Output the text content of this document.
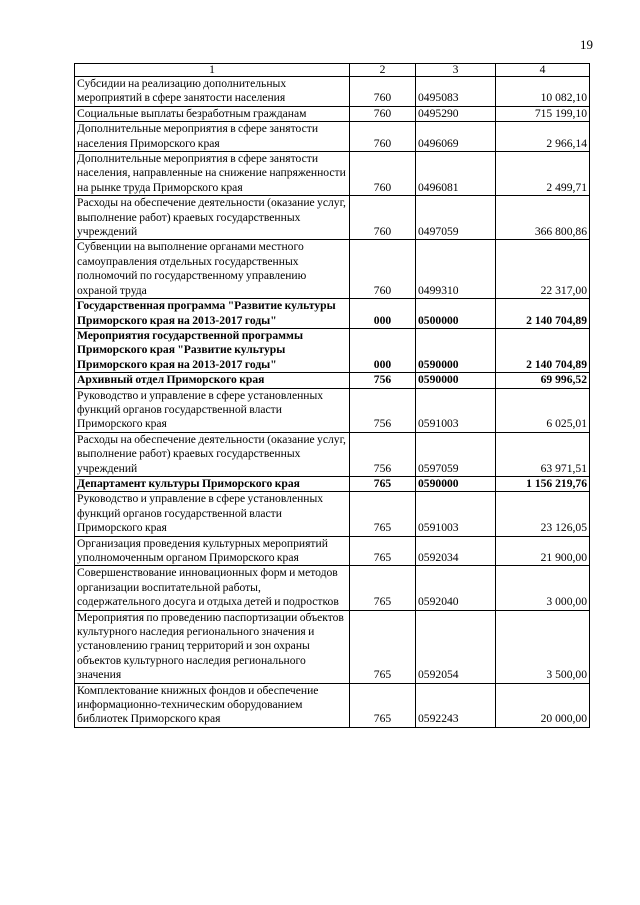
19
1	2	3	4
Субсидии на реализацию дополнительных мероприятий в сфере занятости населения	760	0495083	10 082,10
Социальные выплаты безработным гражданам	760	0495290	715 199,10
Дополнительные мероприятия в сфере занятости населения Приморского края	760	0496069	2 966,14
Дополнительные мероприятия в сфере занятости населения, направленные на снижение напряженности на рынке труда Приморского края	760	0496081	2 499,71
Расходы на обеспечение деятельности (оказание услуг, выполнение работ) краевых государственных учреждений	760	0497059	366 800,86
Субвенции на выполнение органами местного самоуправления отдельных государственных полномочий по государственному управлению охраной труда	760	0499310	22 317,00
Государственная программа "Развитие культуры Приморского края на 2013-2017 годы"	000	0500000	2 140 704,89
Мероприятия государственной программы Приморского края "Развитие культуры Приморского края на 2013-2017 годы"	000	0590000	2 140 704,89
Архивный отдел Приморского края	756	0590000	69 996,52
Руководство и управление в сфере установленных функций органов государственной власти Приморского края	756	0591003	6 025,01
Расходы на обеспечение деятельности (оказание услуг, выполнение работ) краевых государственных учреждений	756	0597059	63 971,51
Департамент культуры Приморского края	765	0590000	1 156 219,76
Руководство и управление в сфере установленных функций органов государственной власти Приморского края	765	0591003	23 126,05
Организация проведения культурных мероприятий уполномоченным органом Приморского края	765	0592034	21 900,00
Совершенствование инновационных форм и методов организации воспитательной работы, содержательного досуга и отдыха детей и подростков	765	0592040	3 000,00
Мероприятия по проведению паспортизации объектов культурного наследия регионального значения и установлению границ территорий и зон охраны объектов культурного наследия регионального значения	765	0592054	3 500,00
Комплектование книжных фондов и обеспечение информационно-техническим оборудованием библиотек Приморского края	765	0592243	20 000,00
